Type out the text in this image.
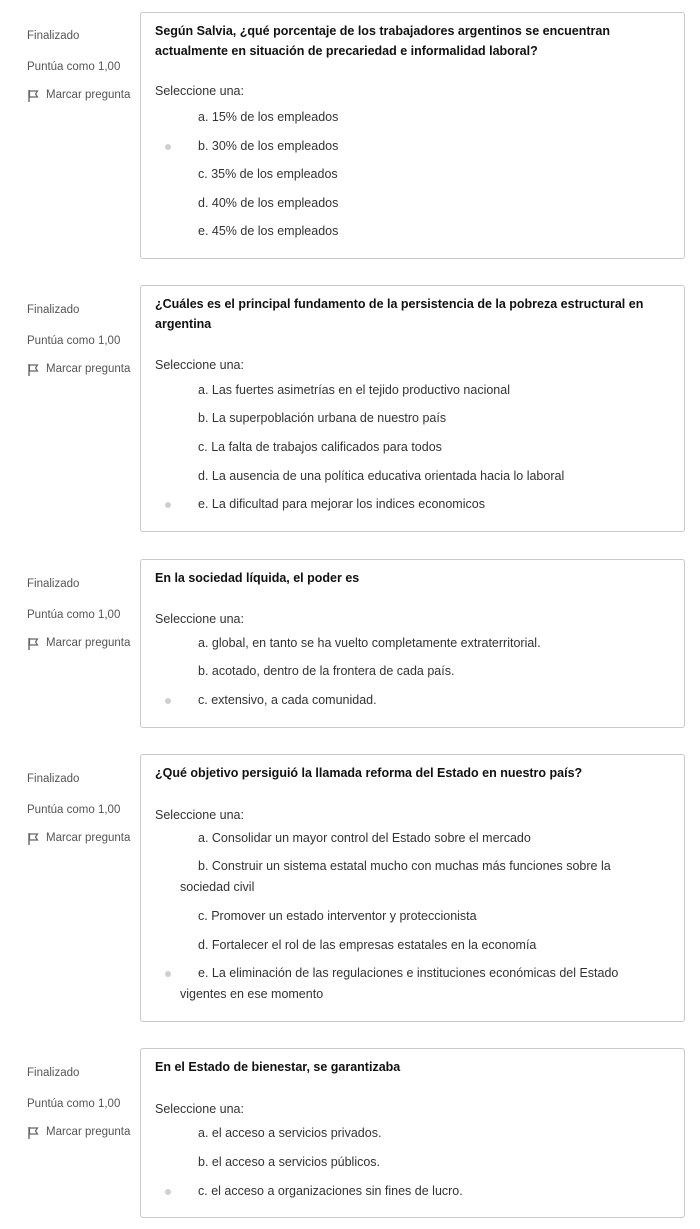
Finalizado
Puntúa como 1,00
Marcar pregunta
Según Salvia, ¿qué porcentaje de los trabajadores argentinos se encuentran actualmente en situación de precariedad e informalidad laboral?
Seleccione una:
a. 15% de los empleados
b. 30% de los empleados
c. 35% de los empleados
d. 40% de los empleados
e. 45% de los empleados
Finalizado
Puntúa como 1,00
Marcar pregunta
¿Cuáles es el principal fundamento de la persistencia de la pobreza estructural en argentina
Seleccione una:
a. Las fuertes asimetrías en el tejido productivo nacional
b. La superpoblación urbana de nuestro país
c. La falta de trabajos calificados para todos
d. La ausencia de una política educativa orientada hacia lo laboral
e. La dificultad para mejorar los indices economicos
Finalizado
Puntúa como 1,00
Marcar pregunta
En la sociedad líquida, el poder es
Seleccione una:
a. global, en tanto se ha vuelto completamente extraterritorial.
b. acotado, dentro de la frontera de cada país.
c. extensivo, a cada comunidad.
Finalizado
Puntúa como 1,00
Marcar pregunta
¿Qué objetivo persiguió la llamada reforma del Estado en nuestro país?
Seleccione una:
a. Consolidar un mayor control del Estado sobre el mercado
b. Construir un sistema estatal mucho con muchas más funciones sobre la sociedad civil
c. Promover un estado interventor y proteccionista
d. Fortalecer el rol de las empresas estatales en la economía
e. La eliminación de las regulaciones e instituciones económicas del Estado vigentes en ese momento
Finalizado
Puntúa como 1,00
Marcar pregunta
En el Estado de bienestar, se garantizaba
Seleccione una:
a. el acceso a servicios privados.
b. el acceso a servicios públicos.
c. el acceso a organizaciones sin fines de lucro.
